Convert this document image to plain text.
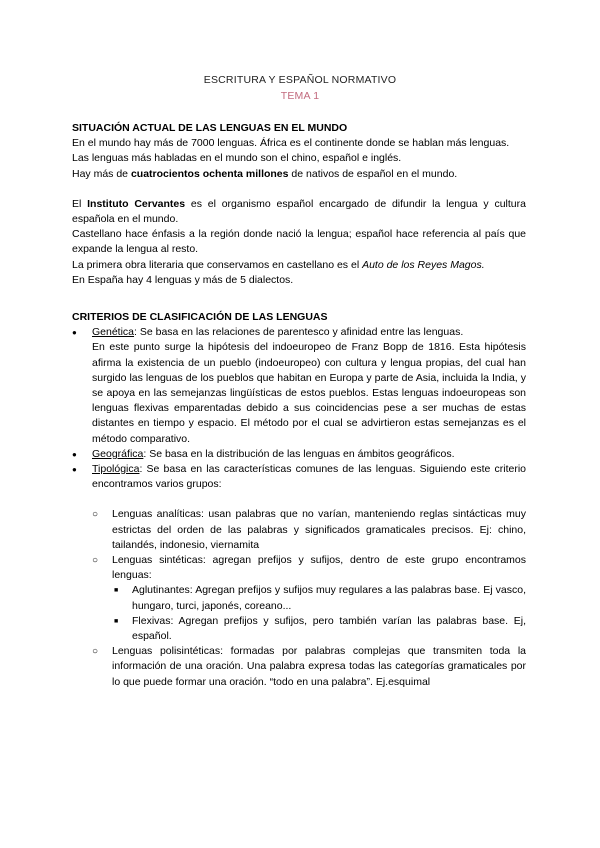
ESCRITURA Y ESPAÑOL NORMATIVO
TEMA 1
SITUACIÓN ACTUAL DE LAS LENGUAS EN EL MUNDO

En el mundo hay más de 7000 lenguas. África es el continente donde se hablan más lenguas.

Las lenguas más habladas en el mundo son el chino, español e inglés.

Hay más de cuatrocientos ochenta millones de nativos de español en el mundo.

El Instituto Cervantes es el organismo español encargado de difundir la lengua y cultura española en el mundo.

Castellano hace énfasis a la región donde nació la lengua; español hace referencia al país que expande la lengua al resto.

La primera obra literaria que conservamos en castellano es el Auto de los Reyes Magos.

En España hay 4 lenguas y más de 5 dialectos.

CRITERIOS DE CLASIFICACIÓN DE LAS LENGUAS
● Genética: Se basa en las relaciones de parentesco y afinidad entre las lenguas.

En este punto surge la hipótesis del indoeuropeo de Franz Bopp de 1816. Esta hipótesis afirma la existencia de un pueblo (indoeuropeo) con cultura y lengua propias, del cual han surgido las lenguas de los pueblos que habitan en Europa y parte de Asia, incluida la India, y se apoya en las semejanzas lingüísticas de estos pueblos. Estas lenguas indoeuropeas son lenguas flexivas emparentadas debido a sus coincidencias pese a ser muchas de estas distantes en tiempo y espacio. El método por el cual se advirtieron estas semejanzas es el método comparativo.

● Geográfica: Se basa en la distribución de las lenguas en ámbitos geográficos.
● Tipológica: Se basa en las características comunes de las lenguas. Siguiendo este criterio encontramos varios grupos:
○ Lenguas analíticas: usan palabras que no varían, manteniendo reglas sintácticas muy estrictas del orden de las palabras y significados gramaticales precisos. Ej: chino, tailandés, indonesio, viernamita
○ Lenguas sintéticas: agregan prefijos y sufijos, dentro de este grupo encontramos lenguas:
■ Aglutinantes: Agregan prefijos y sufijos muy regulares a las palabras base. Ej vasco, hungaro, turci, japonés, coreano...
■ Flexivas: Agregan prefijos y sufijos, pero también varían las palabras base. Ej, español.
○ Lenguas polisintéticas: formadas por palabras complejas que transmiten toda la información de una oración. Una palabra expresa todas las categorías gramaticales por lo que puede formar una oración. “todo en una palabra”. Ej.esquimal
